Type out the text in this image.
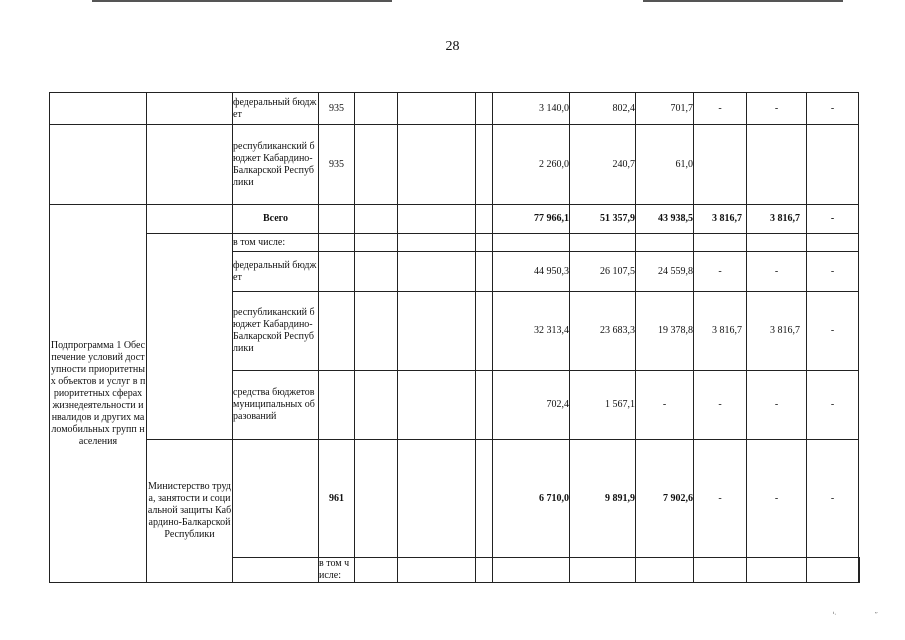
28
		федеральный бюджет	935				3 140,0	802,4	701,7	-	-	-	
		республиканский бюджет Кабардино-Балкарской Республики	935				2 260,0	240,7	61,0				
Подпрограмма 1 Обеспечение условий доступности приоритетных объектов и услуг в приоритетных сферах жизнедеятельности инвалидов и других маломобильных групп населения		Всего					77 966,1	51 357,9	43 938,5	3 816,7	3 816,7	-	
		в том числе:											
		федеральный бюджет					44 950,3	26 107,5	24 559,8	-	-	-	
		республиканский бюджет Кабардино-Балкарской Республики					32 313,4	23 683,3	19 378,8	3 816,7	3 816,7	-	
		средства бюджетов муниципальных образований					702,4	1 567,1	-	-	-	-	
	Министерство труда, занятости и социальной защиты Кабардино-Балкарской Республики		961				6 710,0	9 891,9	7 902,6	-	-	-	
			в том числе:										
ⁱ·	ʹʹ
